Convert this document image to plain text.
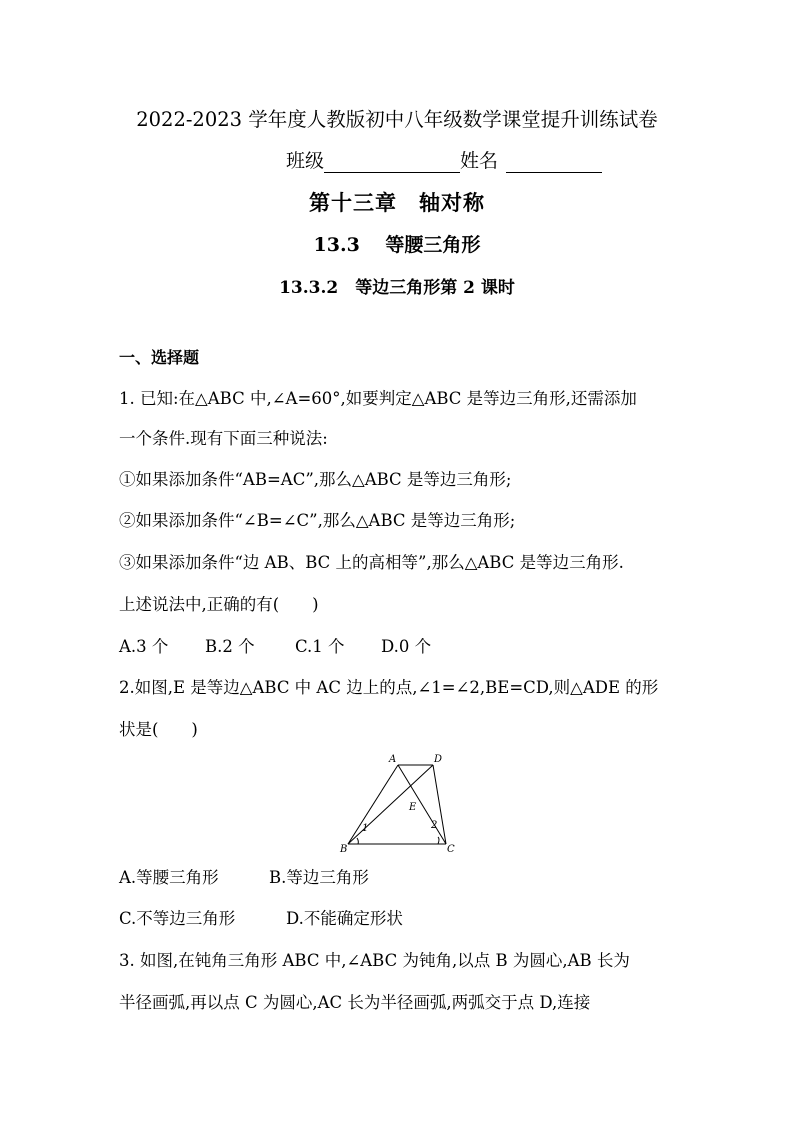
2022-2023 学年度人教版初中八年级数学课堂提升训练试卷
班级	姓名
第十三章　轴对称
13.3　 等腰三角形
13.3.2　等边三角形第 2 课时
一、选择题
1. 已知:在△ABC 中,∠A=60°,如要判定△ABC 是等边三角形,还需添加
一个条件.现有下面三种说法:
①如果添加条件“AB=AC”,那么△ABC 是等边三角形;
②如果添加条件“∠B=∠C”,那么△ABC 是等边三角形;
③如果添加条件“边 AB、BC 上的高相等”,那么△ABC 是等边三角形.
上述说法中,正确的有(　　)
A.3 个 B.2 个 C.1 个 D.0 个
2.如图,E 是等边△ABC 中 AC 边上的点,∠1=∠2,BE=CD,则△ADE 的形
状是(　　)
A	D
E
B	C
1	2
A.等腰三角形	B.等边三角形
C.不等边三角形	D.不能确定形状
3. 如图,在钝角三角形 ABC 中,∠ABC 为钝角,以点 B 为圆心,AB 长为
半径画弧,再以点 C 为圆心,AC 长为半径画弧,两弧交于点 D,连接
